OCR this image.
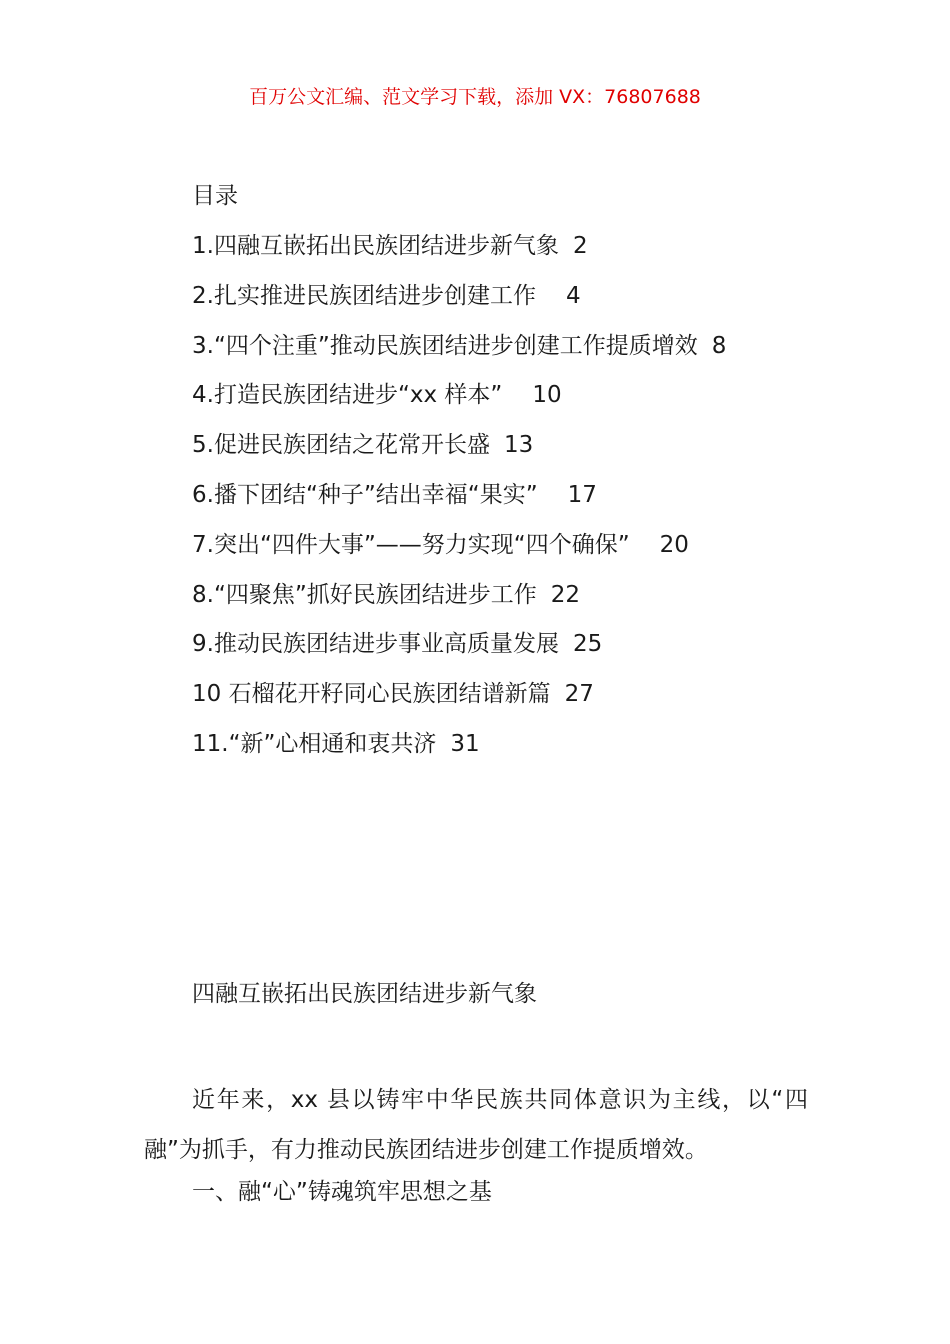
百万公文汇编、范文学习下载，添加 VX：76807688
目录
1.四融互嵌拓出民族团结进步新气象 2
2.扎实推进民族团结进步创建工作 4
3.“四个注重”推动民族团结进步创建工作提质增效 8
4.打造民族团结进步“xx 样本” 10
5.促进民族团结之花常开长盛 13
6.播下团结“种子”结出幸福“果实” 17
7.突出“四件大事”——努力实现“四个确保” 20
8.“四聚焦”抓好民族团结进步工作 22
9.推动民族团结进步事业高质量发展 25
10 石榴花开籽同心民族团结谱新篇 27
11.“新”心相通和衷共济 31
四融互嵌拓出民族团结进步新气象

近年来，xx 县以铸牢中华民族共同体意识为主线，以“四融”为抓手，有力推动民族团结进步创建工作提质增效。

一、融“心”铸魂筑牢思想之基
